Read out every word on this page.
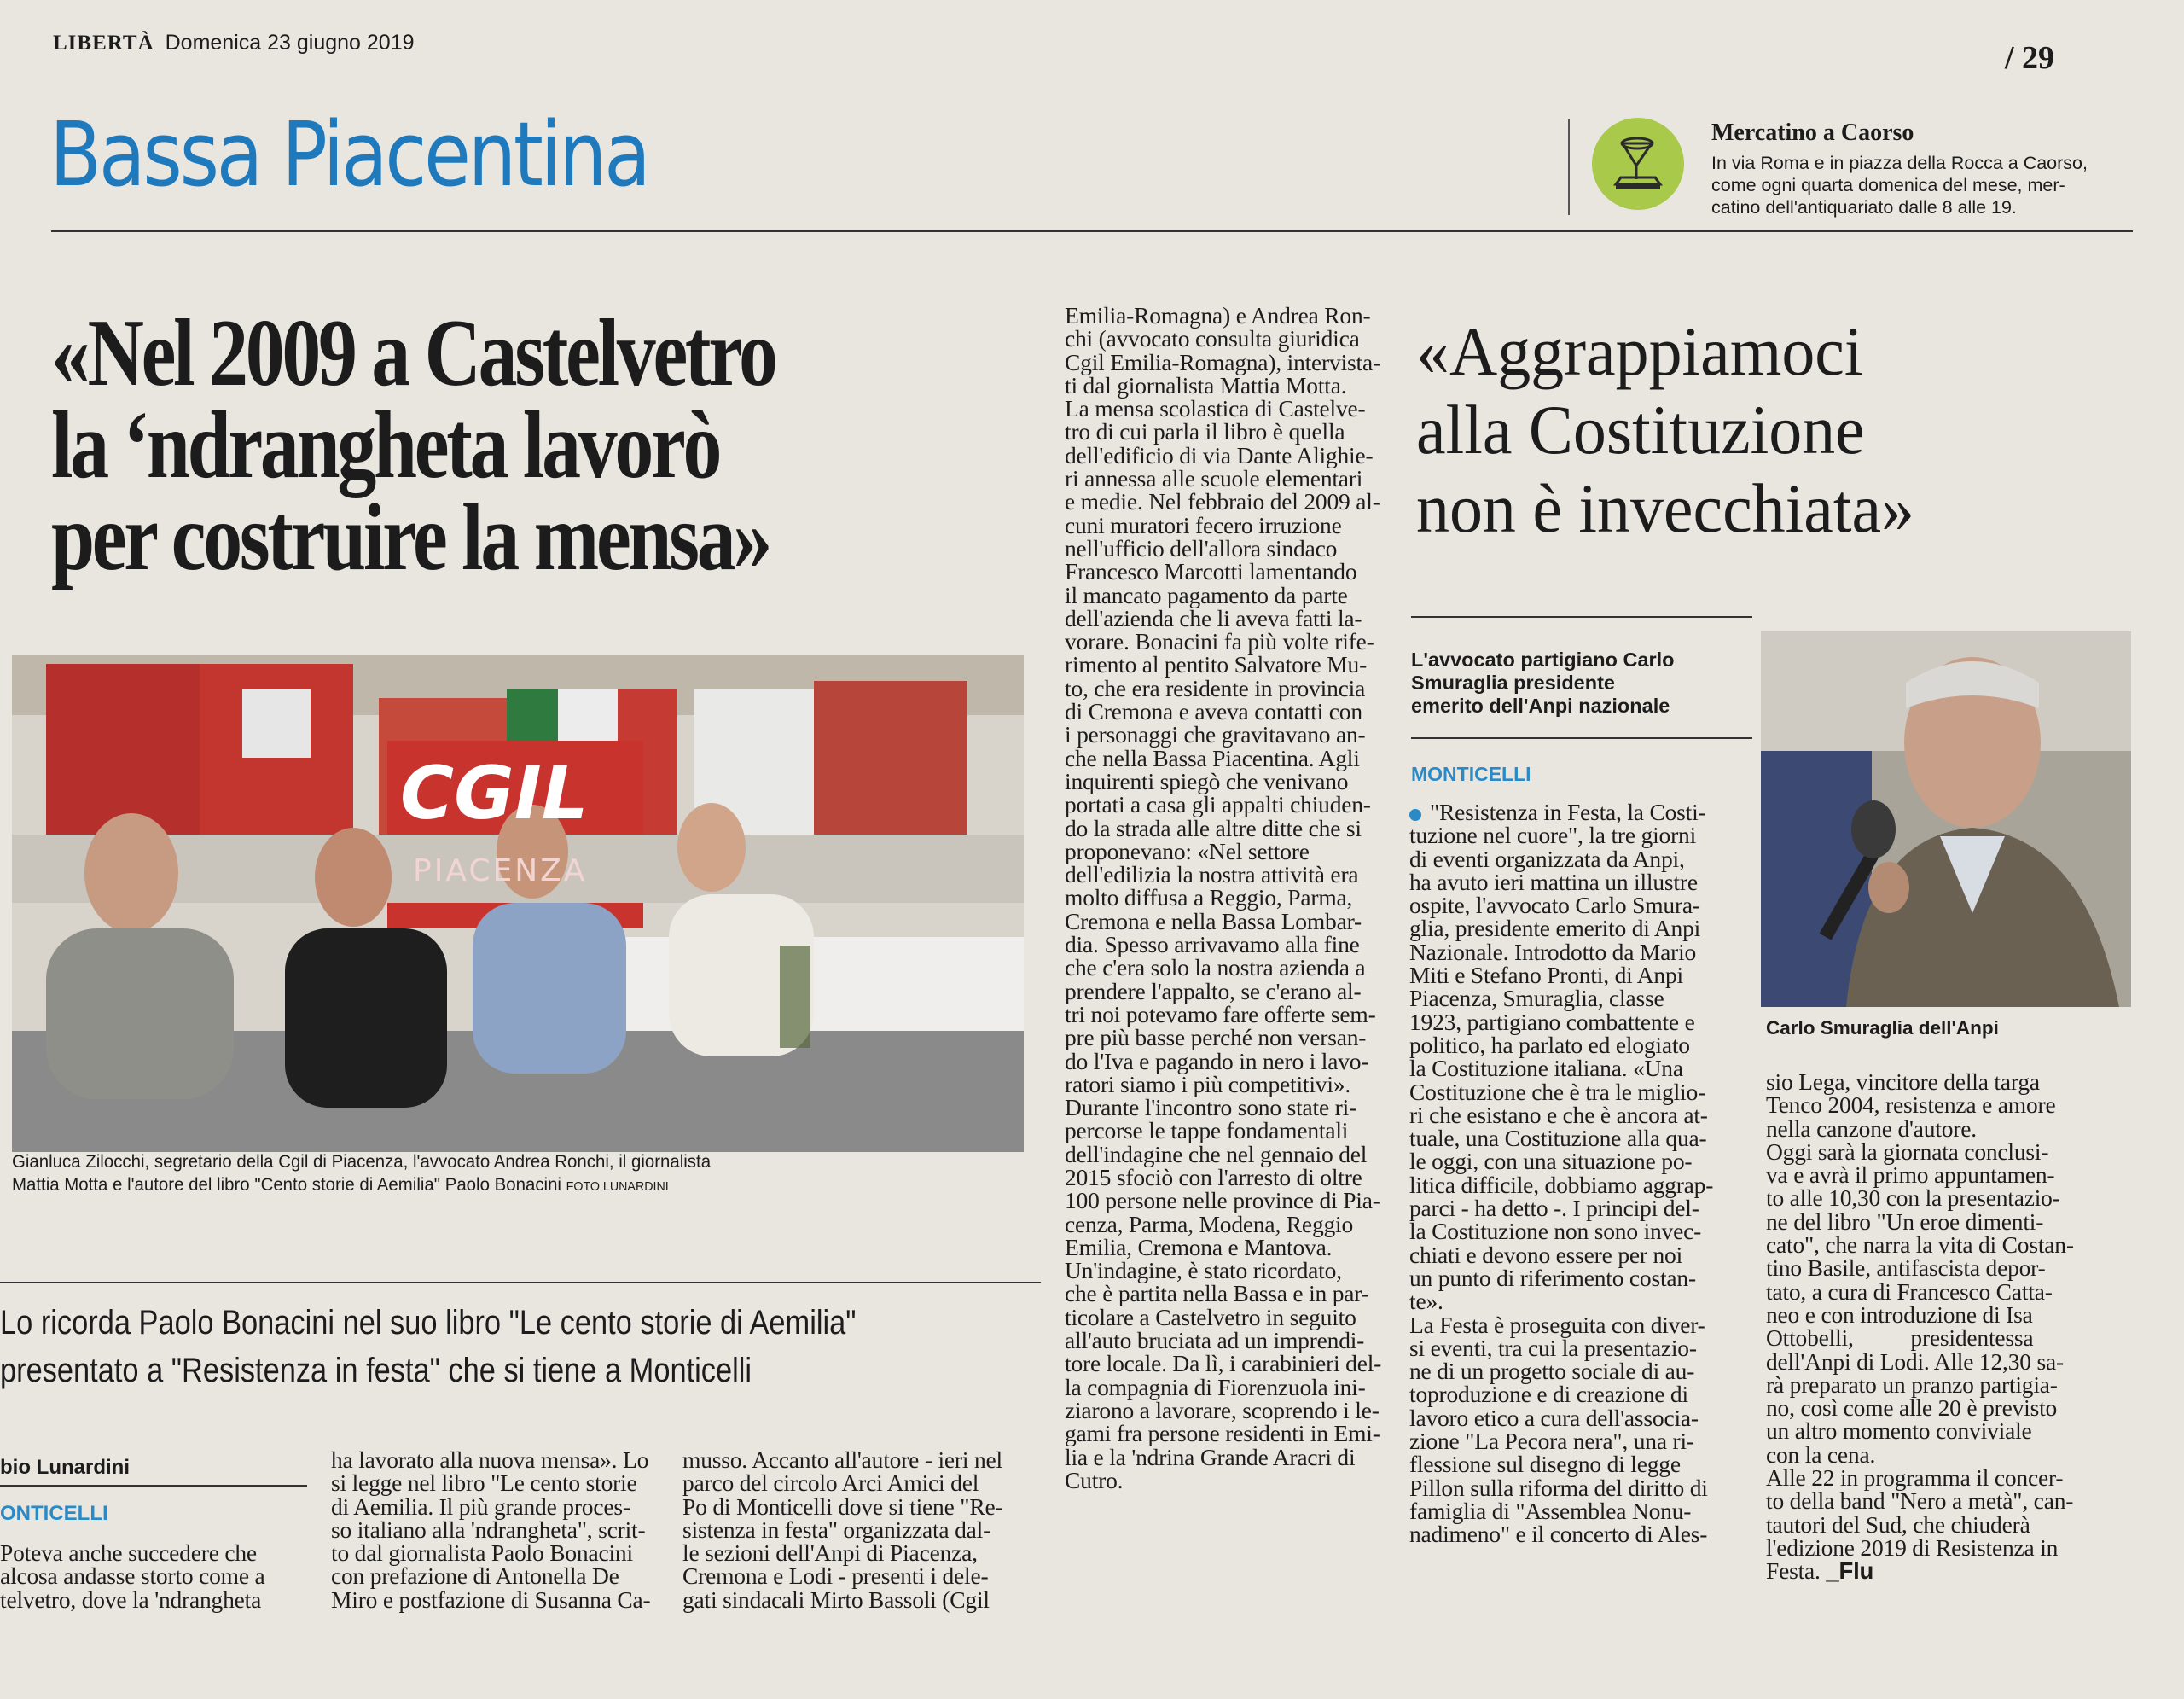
LIBERTÀ Domenica 23 giugno 2019	/ 29
Bassa Piacentina	Mercatino a Caorso
In via Roma e in piazza della Rocca a Caorso,
come ogni quarta domenica del mese, mer-
catino dell'antiquariato dalle 8 alle 19.
«Nel 2009 a Castelvetro
la ‘ndrangheta lavorò
per costruire la mensa»
CGIL
PIACENZA
Gianluca Zilocchi, segretario della Cgil di Piacenza, l'avvocato Andrea Ronchi, il giornalista
Mattia Motta e l'autore del libro "Cento storie di Aemilia" Paolo Bonacini FOTO LUNARDINI
Lo ricorda Paolo Bonacini nel suo libro "Le cento storie di Aemilia"
presentato a "Resistenza in festa" che si tiene a Monticelli
bio Lunardini
ONTICELLI

Poteva anche succedere che

alcosa andasse storto come a

telvetro, dove la 'ndrangheta

ha lavorato alla nuova mensa». Lo

si legge nel libro "Le cento storie

di Aemilia. Il più grande proces-

so italiano alla 'ndrangheta", scrit-

to dal giornalista Paolo Bonacini

con prefazione di Antonella De

Miro e postfazione di Susanna Ca-

musso. Accanto all'autore - ieri nel

parco del circolo Arci Amici del

Po di Monticelli dove si tiene "Re-

sistenza in festa" organizzata dal-

le sezioni dell'Anpi di Piacenza,

Cremona e Lodi - presenti i dele-

gati sindacali Mirto Bassoli (Cgil

Emilia-Romagna) e Andrea Ron-

chi (avvocato consulta giuridica

Cgil Emilia-Romagna), intervista-

ti dal giornalista Mattia Motta.

La mensa scolastica di Castelve-

tro di cui parla il libro è quella

dell'edificio di via Dante Alighie-

ri annessa alle scuole elementari

e medie. Nel febbraio del 2009 al-

cuni muratori fecero irruzione

nell'ufficio dell'allora sindaco

Francesco Marcotti lamentando

il mancato pagamento da parte

dell'azienda che li aveva fatti la-

vorare. Bonacini fa più volte rife-

rimento al pentito Salvatore Mu-

to, che era residente in provincia

di Cremona e aveva contatti con

i personaggi che gravitavano an-

che nella Bassa Piacentina. Agli

inquirenti spiegò che venivano

portati a casa gli appalti chiuden-

do la strada alle altre ditte che si

proponevano: «Nel settore

dell'edilizia la nostra attività era

molto diffusa a Reggio, Parma,

Cremona e nella Bassa Lombar-

dia. Spesso arrivavamo alla fine

che c'era solo la nostra azienda a

prendere l'appalto, se c'erano al-

tri noi potevamo fare offerte sem-

pre più basse perché non versan-

do l'Iva e pagando in nero i lavo-

ratori siamo i più competitivi».

Durante l'incontro sono state ri-

percorse le tappe fondamentali

dell'indagine che nel gennaio del

2015 sfociò con l'arresto di oltre

100 persone nelle province di Pia-

cenza, Parma, Modena, Reggio

Emilia, Cremona e Mantova.

Un'indagine, è stato ricordato,

che è partita nella Bassa e in par-

ticolare a Castelvetro in seguito

all'auto bruciata ad un imprendi-

tore locale. Da lì, i carabinieri del-

la compagnia di Fiorenzuola ini-

ziarono a lavorare, scoprendo i le-

gami fra persone residenti in Emi-

lia e la 'ndrina Grande Aracri di

Cutro.

«Aggrappiamoci
alla Costituzione
non è invecchiata»
L'avvocato partigiano Carlo
Smuraglia presidente
emerito dell'Anpi nazionale
MONTICELLI
Carlo Smuraglia dell'Anpi

"Resistenza in Festa, la Costi-

tuzione nel cuore", la tre giorni

di eventi organizzata da Anpi,

ha avuto ieri mattina un illustre

ospite, l'avvocato Carlo Smura-

glia, presidente emerito di Anpi

Nazionale. Introdotto da Mario

Miti e Stefano Pronti, di Anpi

Piacenza, Smuraglia, classe

1923, partigiano combattente e

politico, ha parlato ed elogiato

la Costituzione italiana. «Una

Costituzione che è tra le miglio-

ri che esistano e che è ancora at-

tuale, una Costituzione alla qua-

le oggi, con una situazione po-

litica difficile, dobbiamo aggrap-

parci - ha detto -. I principi del-

la Costituzione non sono invec-

chiati e devono essere per noi

un punto di riferimento costan-

te».

La Festa è proseguita con diver-

si eventi, tra cui la presentazio-

ne di un progetto sociale di au-

toproduzione e di creazione di

lavoro etico a cura dell'associa-

zione "La Pecora nera", una ri-

flessione sul disegno di legge

Pillon sulla riforma del diritto di

famiglia di "Assemblea Nonu-

nadimeno" e il concerto di Ales-

sio Lega, vincitore della targa

Tenco 2004, resistenza e amore

nella canzone d'autore.

Oggi sarà la giornata conclusi-

va e avrà il primo appuntamen-

to alle 10,30 con la presentazio-

ne del libro "Un eroe dimenti-

cato", che narra la vita di Costan-

tino Basile, antifascista depor-

tato, a cura di Francesco Catta-

neo e con introduzione di Isa

Ottobelli,          presidentessa

dell'Anpi di Lodi. Alle 12,30 sa-

rà preparato un pranzo partigia-

no, così come alle 20 è previsto

un altro momento conviviale

con la cena.

Alle 22 in programma il concer-

to della band "Nero a metà", can-

tautori del Sud, che chiuderà

l'edizione 2019 di Resistenza in

Festa. _Flu
